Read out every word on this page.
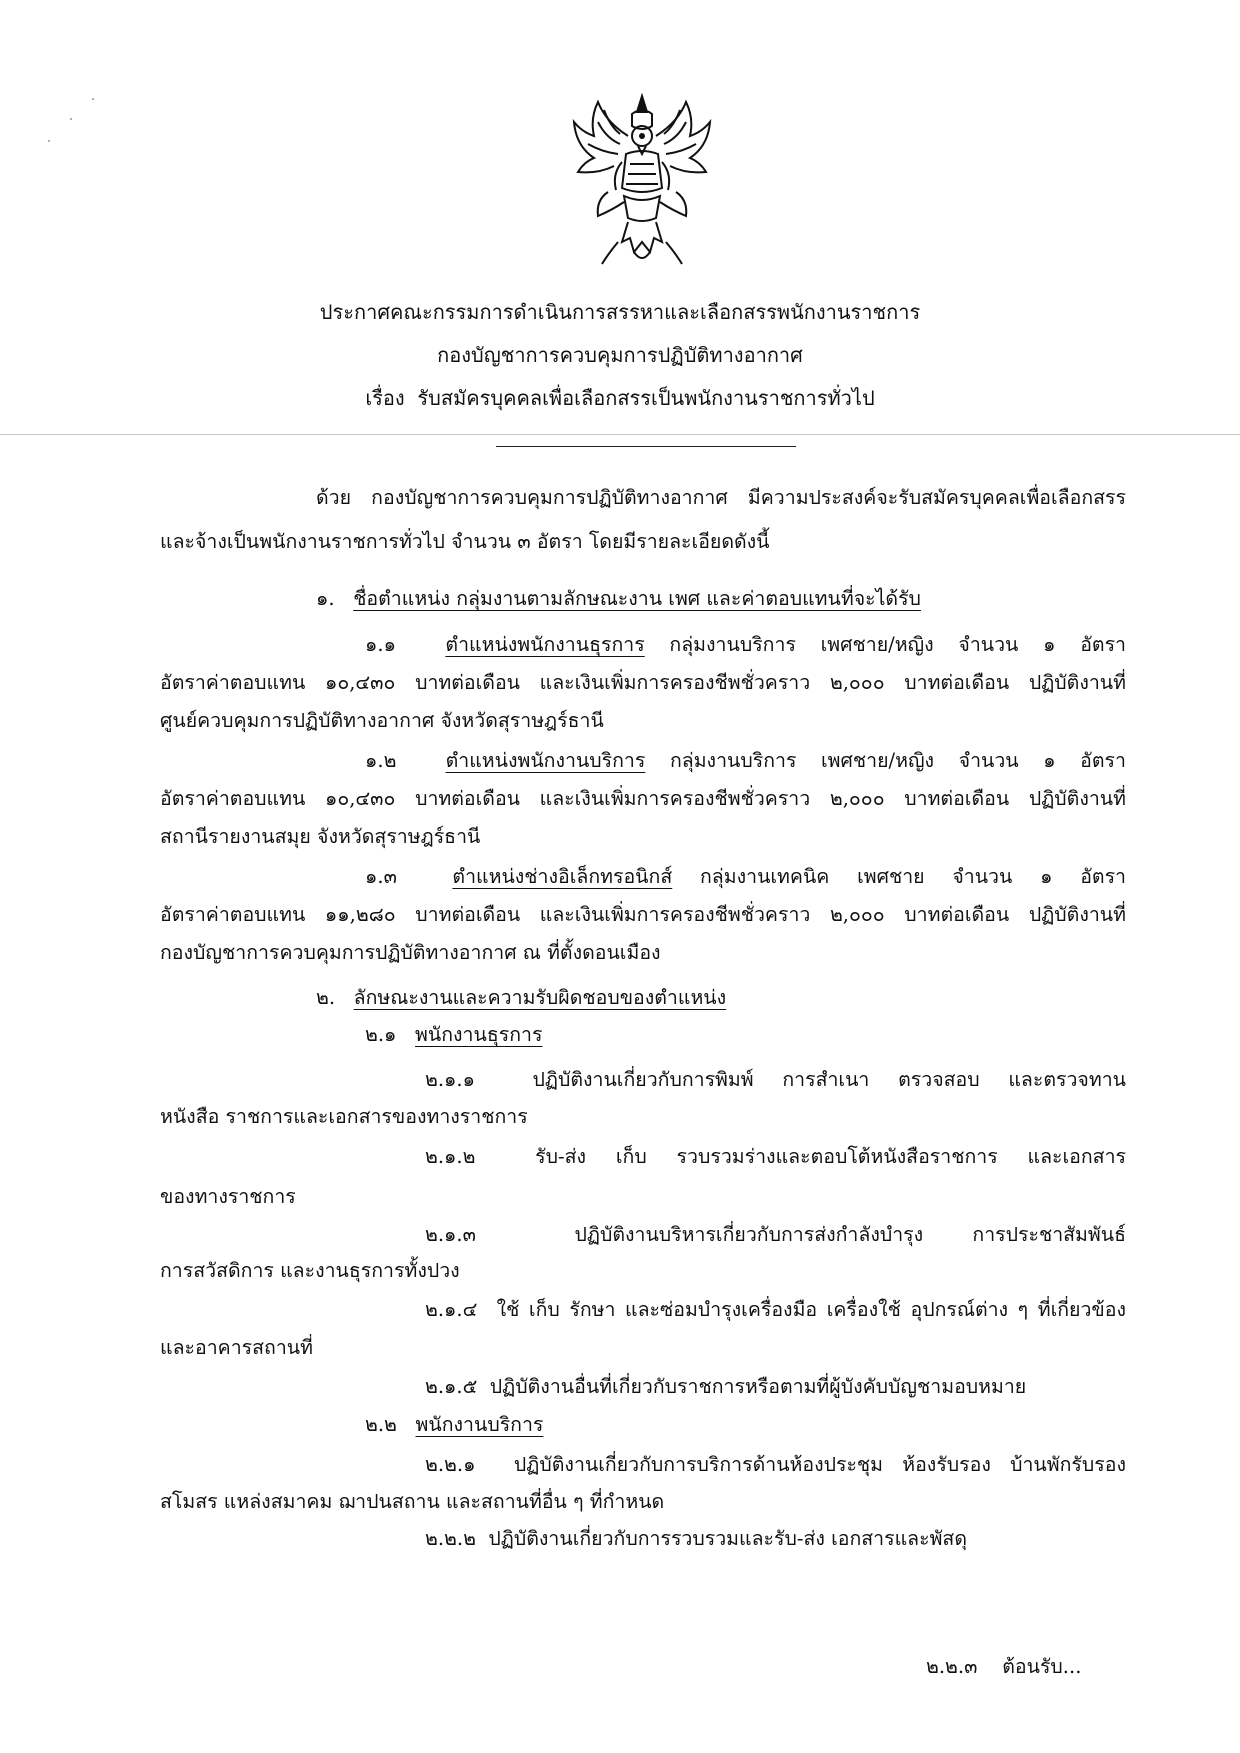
ประกาศคณะกรรมการดำเนินการสรรหาและเลือกสรรพนักงานราชการ
กองบัญชาการควบคุมการปฏิบัติทางอากาศ
เรื่อง รับสมัครบุคคลเพื่อเลือกสรรเป็นพนักงานราชการทั่วไป
ด้วย กองบัญชาการควบคุมการปฏิบัติทางอากาศ มีความประสงค์จะรับสมัครบุคคลเพื่อเลือกสรร
และจ้างเป็นพนักงานราชการทั่วไป จำนวน ๓ อัตรา โดยมีรายละเอียดดังนี้
๑. ชื่อตำแหน่ง กลุ่มงานตามลักษณะงาน เพศ และค่าตอบแทนที่จะได้รับ
๑.๑	ตำแหน่งพนักงานธุรการ กลุ่มงานบริการ เพศชาย/หญิง จำนวน ๑ อัตรา
อัตราค่าตอบแทน ๑๐,๔๓๐ บาทต่อเดือน และเงินเพิ่มการครองชีพชั่วคราว ๒,๐๐๐ บาทต่อเดือน ปฏิบัติงานที่
ศูนย์ควบคุมการปฏิบัติทางอากาศ จังหวัดสุราษฎร์ธานี
๑.๒	ตำแหน่งพนักงานบริการ กลุ่มงานบริการ เพศชาย/หญิง จำนวน ๑ อัตรา
อัตราค่าตอบแทน ๑๐,๔๓๐ บาทต่อเดือน และเงินเพิ่มการครองชีพชั่วคราว ๒,๐๐๐ บาทต่อเดือน ปฏิบัติงานที่
สถานีรายงานสมุย จังหวัดสุราษฎร์ธานี
๑.๓	ตำแหน่งช่างอิเล็กทรอนิกส์ กลุ่มงานเทคนิค เพศชาย จำนวน ๑ อัตรา
อัตราค่าตอบแทน ๑๑,๒๘๐ บาทต่อเดือน และเงินเพิ่มการครองชีพชั่วคราว ๒,๐๐๐ บาทต่อเดือน ปฏิบัติงานที่
กองบัญชาการควบคุมการปฏิบัติทางอากาศ ณ ที่ตั้งดอนเมือง
๒. ลักษณะงานและความรับผิดชอบของตำแหน่ง
๒.๑ พนักงานธุรการ
๒.๑.๑	ปฏิบัติงานเกี่ยวกับการพิมพ์ การสำเนา ตรวจสอบ และตรวจทาน
หนังสือ ราชการและเอกสารของทางราชการ
๒.๑.๒	รับ-ส่ง เก็บ รวบรวมร่างและตอบโต้หนังสือราชการ และเอกสาร
ของทางราชการ
๒.๑.๓	ปฏิบัติงานบริหารเกี่ยวกับการส่งกำลังบำรุง การประชาสัมพันธ์
การสวัสดิการ และงานธุรการทั้งปวง
๒.๑.๔ ใช้ เก็บ รักษา และซ่อมบำรุงเครื่องมือ เครื่องใช้ อุปกรณ์ต่าง ๆ ที่เกี่ยวข้อง
และอาคารสถานที่
๒.๑.๕ ปฏิบัติงานอื่นที่เกี่ยวกับราชการหรือตามที่ผู้บังคับบัญชามอบหมาย
๒.๒ พนักงานบริการ
๒.๒.๑ ปฏิบัติงานเกี่ยวกับการบริการด้านห้องประชุม ห้องรับรอง บ้านพักรับรอง
สโมสร แหล่งสมาคม ฌาปนสถาน และสถานที่อื่น ๆ ที่กำหนด
๒.๒.๒ ปฏิบัติงานเกี่ยวกับการรวบรวมและรับ-ส่ง เอกสารและพัสดุ
๒.๒.๓ ต้อนรับ...
